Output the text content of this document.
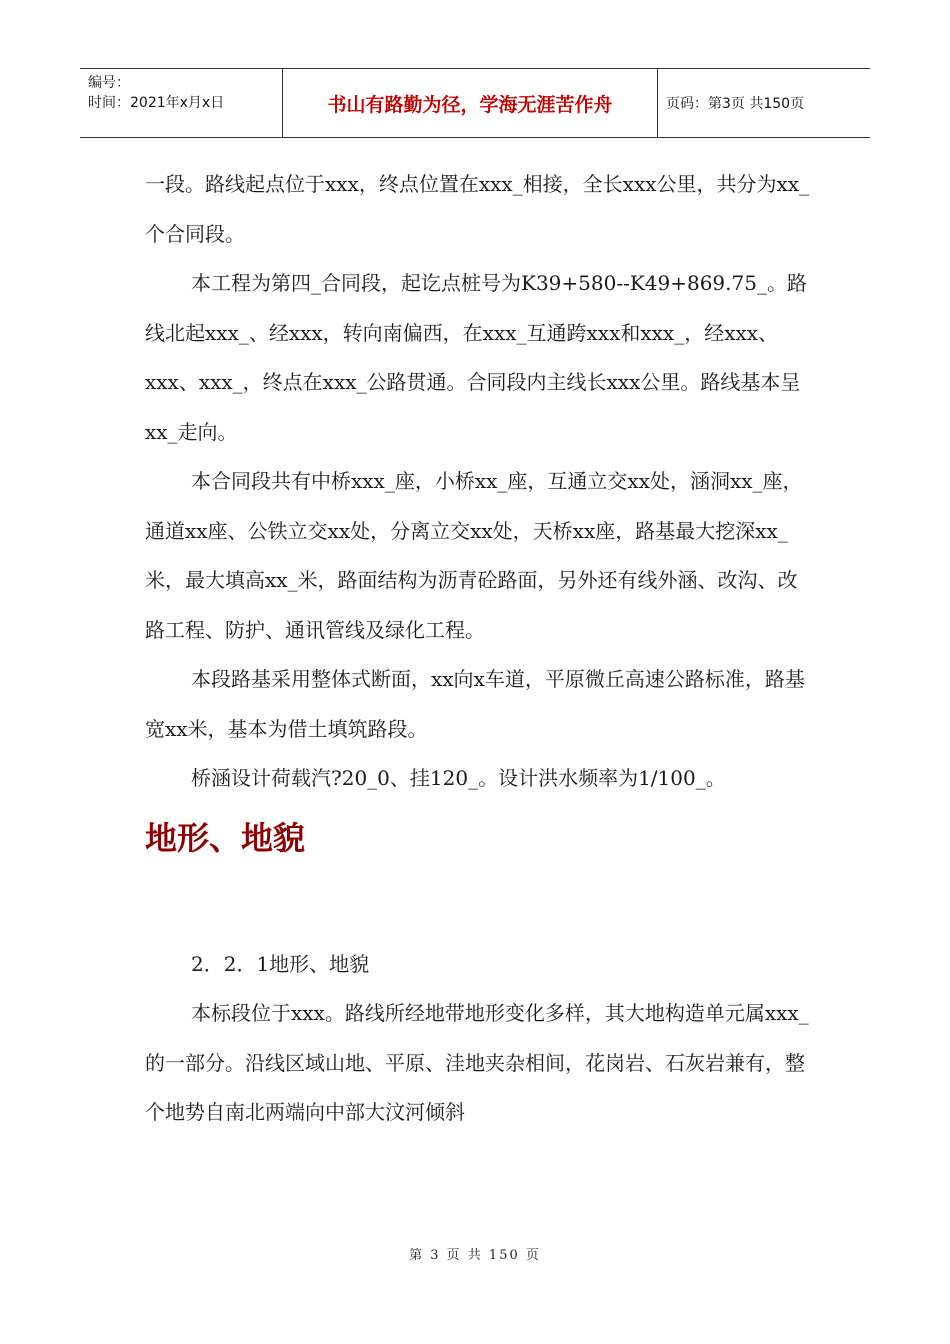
编号：
时间：2021年x月x日	书山有路勤为径，学海无涯苦作舟	页码：第3页 共150页

一段。路线起点位于xxx，终点位置在xxx_相接，全长xxx公里，共分为xx_个合同段。

本工程为第四_合同段，起讫点桩号为K39+580--K49+869.75_。路线北起xxx_、经xxx，转向南偏西，在xxx_互通跨xxx和xxx_，经xxx、xxx、xxx_，终点在xxx_公路贯通。合同段内主线长xxx公里。路线基本呈xx_走向。

本合同段共有中桥xxx_座，小桥xx_座，互通立交xx处，涵洞xx_座，通道xx座、公铁立交xx处，分离立交xx处，天桥xx座，路基最大挖深xx_米，最大填高xx_米，路面结构为沥青砼路面，另外还有线外涵、改沟、改路工程、防护、通讯管线及绿化工程。

本段路基采用整体式断面，xx向x车道，平原微丘高速公路标准，路基宽xx米，基本为借土填筑路段。

桥涵设计荷载汽?20_0、挂120_。设计洪水频率为1/100_。

地形、地貌

2．2．1地形、地貌

本标段位于xxx。路线所经地带地形变化多样，其大地构造单元属xxx_的一部分。沿线区域山地、平原、洼地夹杂相间，花岗岩、石灰岩兼有，整个地势自南北两端向中部大汶河倾斜

第 3 页 共 150 页
